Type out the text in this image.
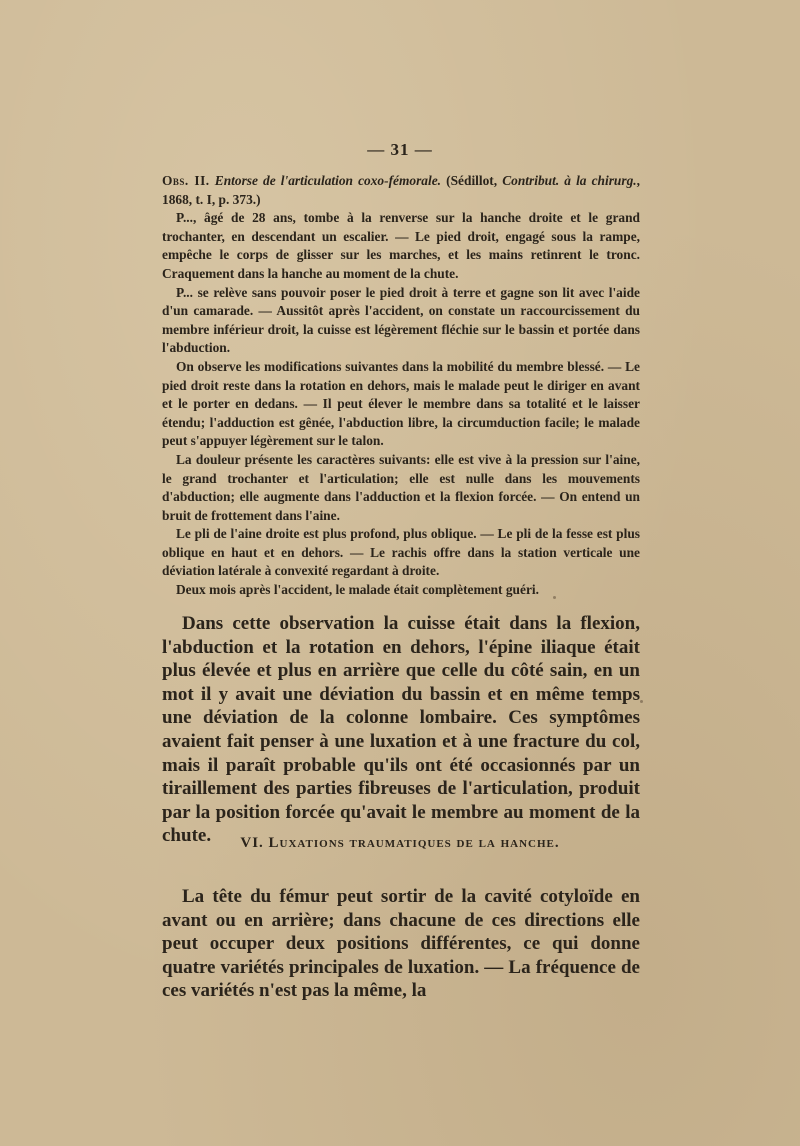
— 31 —

Obs. II. Entorse de l'articulation coxo-fémorale. (Sédillot, Contribut. à la chirurg., 1868, t. I, p. 373.)

P..., âgé de 28 ans, tombe à la renverse sur la hanche droite et le grand trochanter, en descendant un escalier. — Le pied droit, engagé sous la rampe, empêche le corps de glisser sur les marches, et les mains retinrent le tronc. Craquement dans la hanche au moment de la chute.

P... se relève sans pouvoir poser le pied droit à terre et gagne son lit avec l'aide d'un camarade. — Aussitôt après l'accident, on constate un raccourcissement du membre inférieur droit, la cuisse est légèrement fléchie sur le bassin et portée dans l'abduction.

On observe les modifications suivantes dans la mobilité du membre blessé. — Le pied droit reste dans la rotation en dehors, mais le malade peut le diriger en avant et le porter en dedans. — Il peut élever le membre dans sa totalité et le laisser étendu; l'adduction est gênée, l'abduction libre, la circumduction facile; le malade peut s'appuyer légèrement sur le talon.

La douleur présente les caractères suivants: elle est vive à la pression sur l'aine, le grand trochanter et l'articulation; elle est nulle dans les mouvements d'abduction; elle augmente dans l'adduction et la flexion forcée. — On entend un bruit de frottement dans l'aine.

Le pli de l'aine droite est plus profond, plus oblique. — Le pli de la fesse est plus oblique en haut et en dehors. — Le rachis offre dans la station verticale une déviation latérale à convexité regardant à droite.

Deux mois après l'accident, le malade était complètement guéri.

Dans cette observation la cuisse était dans la flexion, l'abduction et la rotation en dehors, l'épine iliaque était plus élevée et plus en arrière que celle du côté sain, en un mot il y avait une déviation du bassin et en même temps une déviation de la colonne lombaire. Ces symptômes avaient fait penser à une luxation et à une fracture du col, mais il paraît probable qu'ils ont été occasionnés par un tiraillement des parties fibreuses de l'articulation, produit par la position forcée qu'avait le membre au moment de la chute.	VI. Luxations traumatiques de la hanche.

La tête du fémur peut sortir de la cavité cotyloïde en avant ou en arrière; dans chacune de ces directions elle peut occuper deux positions différentes, ce qui donne quatre variétés principales de luxation. — La fréquence de ces variétés n'est pas la même, la
